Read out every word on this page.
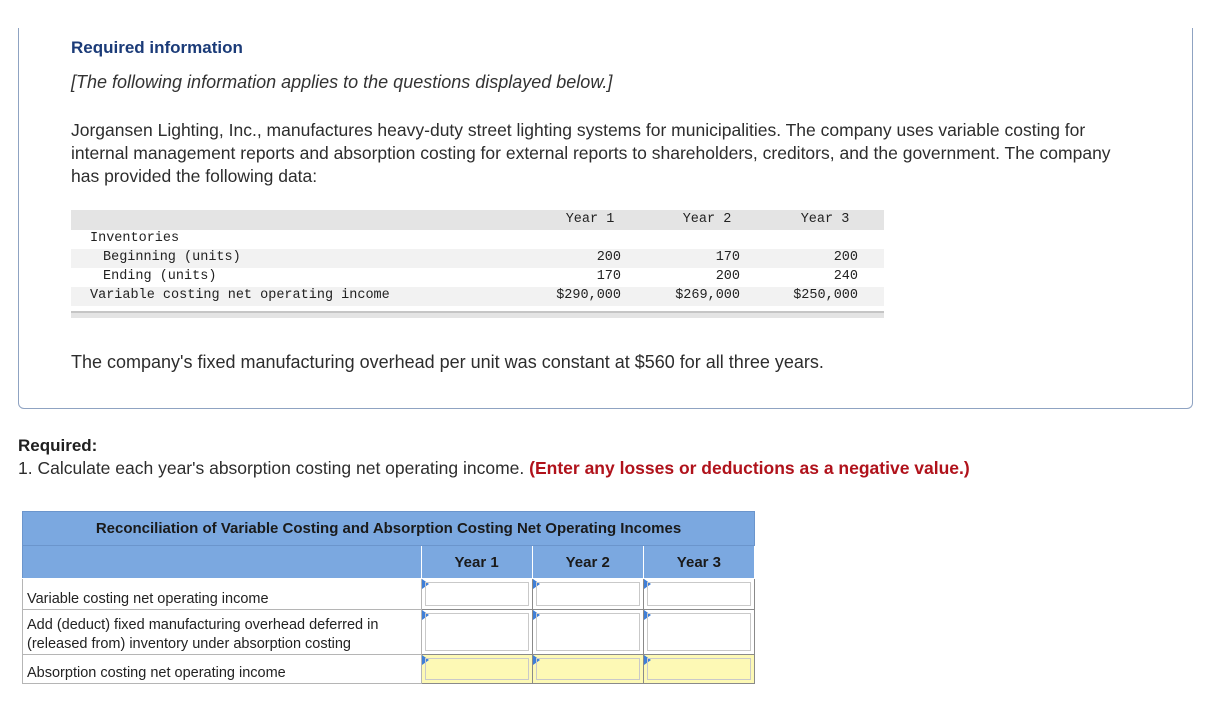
Required information
[The following information applies to the questions displayed below.]
Jorgansen Lighting, Inc., manufactures heavy-duty street lighting systems for municipalities. The company uses variable costing for internal management reports and absorption costing for external reports to shareholders, creditors, and the government. The company has provided the following data:
Year 1	Year 2	Year 3
Inventories
Beginning (units)	200	170	200
Ending (units)	170	200	240
Variable costing net operating income	$290,000	$269,000	$250,000
The company's fixed manufacturing overhead per unit was constant at $560 for all three years.
Required:
1. Calculate each year's absorption costing net operating income. (Enter any losses or deductions as a negative value.)
Reconciliation of Variable Costing and Absorption Costing Net Operating Incomes			
	Year 1	Year 2	Year 3
Variable costing net operating income	

Add (deduct) fixed manufacturing overhead deferred in (released from) inventory under absorption costing	

Absorption costing net operating income	
